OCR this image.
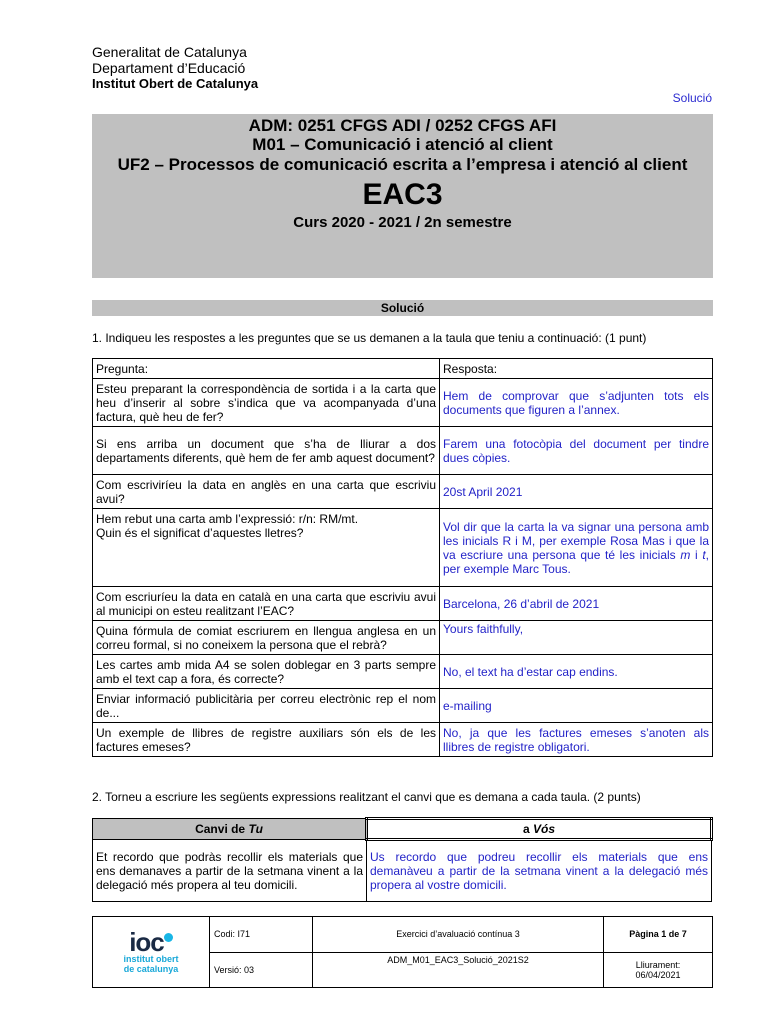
Generalitat de Catalunya
Departament d’Educació
Institut Obert de Catalunya
Solució
ADM: 0251 CFGS ADI / 0252 CFGS AFI
M01 – Comunicació i atenció al client
UF2 – Processos de comunicació escrita a l’empresa i atenció al client
EAC3
Curs 2020 - 2021 / 2n semestre
Solució
1. Indiqueu les respostes a les preguntes que se us demanen a la taula que teniu a continuació: (1 punt)
Pregunta:	Resposta:
Esteu preparant la correspondència de sortida i a la carta que heu d’inserir al sobre s’indica que va acompanyada d’una factura, què heu de fer?	Hem de comprovar que s’adjunten tots els documents que figuren a l’annex.
Si ens arriba un document que s’ha de lliurar a dos departaments diferents, què hem de fer amb aquest document?	Farem una fotocòpia del document per tindre dues còpies.
Com escriviríeu la data en anglès en una carta que escriviu avui?	20st April 2021
Hem rebut una carta amb l’expressió: r/n: RM/mt.
Quin és el significat d’aquestes lletres?	Vol dir que la carta la va signar una persona amb les inicials R i M, per exemple Rosa Mas i que la va escriure una persona que té les inicials m i t, per exemple Marc Tous.
Com escriuríeu la data en català en una carta que escriviu avui al municipi on esteu realitzant l’EAC?	Barcelona, 26 d’abril de 2021
Quina fórmula de comiat escriurem en llengua anglesa en un correu formal, si no coneixem la persona que el rebrà?	Yours faithfully,
Les cartes amb mida A4 se solen doblegar en 3 parts sempre amb el text cap a fora, és correcte?	No, el text ha d’estar cap endins.
Enviar informació publicitària per correu electrònic rep el nom de...	e-mailing
Un exemple de llibres de registre auxiliars són els de les factures emeses?	No, ja que les factures emeses s’anoten als llibres de registre obligatori.
2. Torneu a escriure les següents expressions realitzant el canvi que es demana a cada taula. (2 punts)
Canvi de Tu	a Vós
Et recordo que podràs recollir els materials que ens demanaves a partir de la setmana vinent a la delegació més propera al teu domicili.	Us recordo que podreu recollir els materials que ens demanàveu a partir de la setmana vinent a la delegació més propera al vostre domicili.
ioc
institut obert
de catalunya	Codi: I71	Exercici d’avaluació contínua 3	Pàgina 1 de 7
	Versió: 03	ADM_M01_EAC3_Solució_2021S2	Lliurament:
06/04/2021
